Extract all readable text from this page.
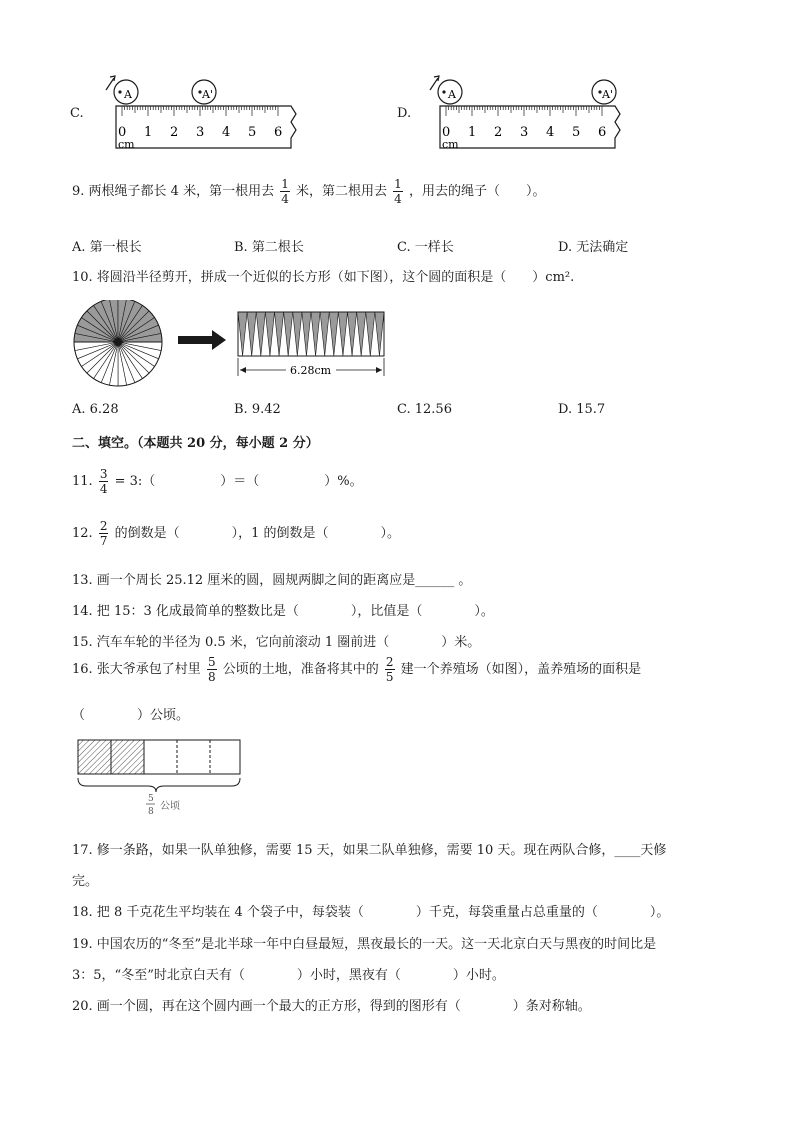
C.
0 1 2 3 4 5 6
A	A'
cm
D.
0 1 2 3 4 5 6
A	A'
cm
9. 两根绳子都长 4 米，第一根用去 $\frac{1}{4}$ 米，第二根用去 $\frac{1}{4}$ ，用去的绳子（　　）。
A. 第一根长	B. 第二根长	C. 一样长	D. 无法确定
10. 将圆沿半径剪开，拼成一个近似的长方形（如下图），这个圆的面积是（　　）cm².
6.28cm
A. 6.28	B. 9.42	C. 12.56	D. 15.7
二、填空。（本题共 20 分，每小题 2 分）
11. $\frac{3}{4}$ = 3:（　　　　　）＝（　　　　　）%。
12. $\frac{2}{7}$ 的倒数是（　　　　），1 的倒数是（　　　　）。
13. 画一个周长 25.12 厘米的圆，圆规两脚之间的距离应是______ 。
14. 把 15：3 化成最简单的整数比是（　　　　），比值是（　　　　）。
15. 汽车车轮的半径为 0.5 米，它向前滚动 1 圈前进（　　　　）米。
16. 张大爷承包了村里 $\frac{5}{8}$ 公顷的土地，准备将其中的 $\frac{2}{5}$ 建一个养殖场（如图），盖养殖场的面积是
（　　　　）公顷。
5
8 公顷
17. 修一条路，如果一队单独修，需要 15 天，如果二队单独修，需要 10 天。现在两队合修，____天修
完。
18. 把 8 千克花生平均装在 4 个袋子中，每袋装（　　　　）千克，每袋重量占总重量的（　　　　）。
19. 中国农历的“冬至”是北半球一年中白昼最短，黑夜最长的一天。这一天北京白天与黑夜的时间比是
3：5，“冬至”时北京白天有（　　　　）小时，黑夜有（　　　　）小时。
20. 画一个圆，再在这个圆内画一个最大的正方形，得到的图形有（　　　　）条对称轴。
